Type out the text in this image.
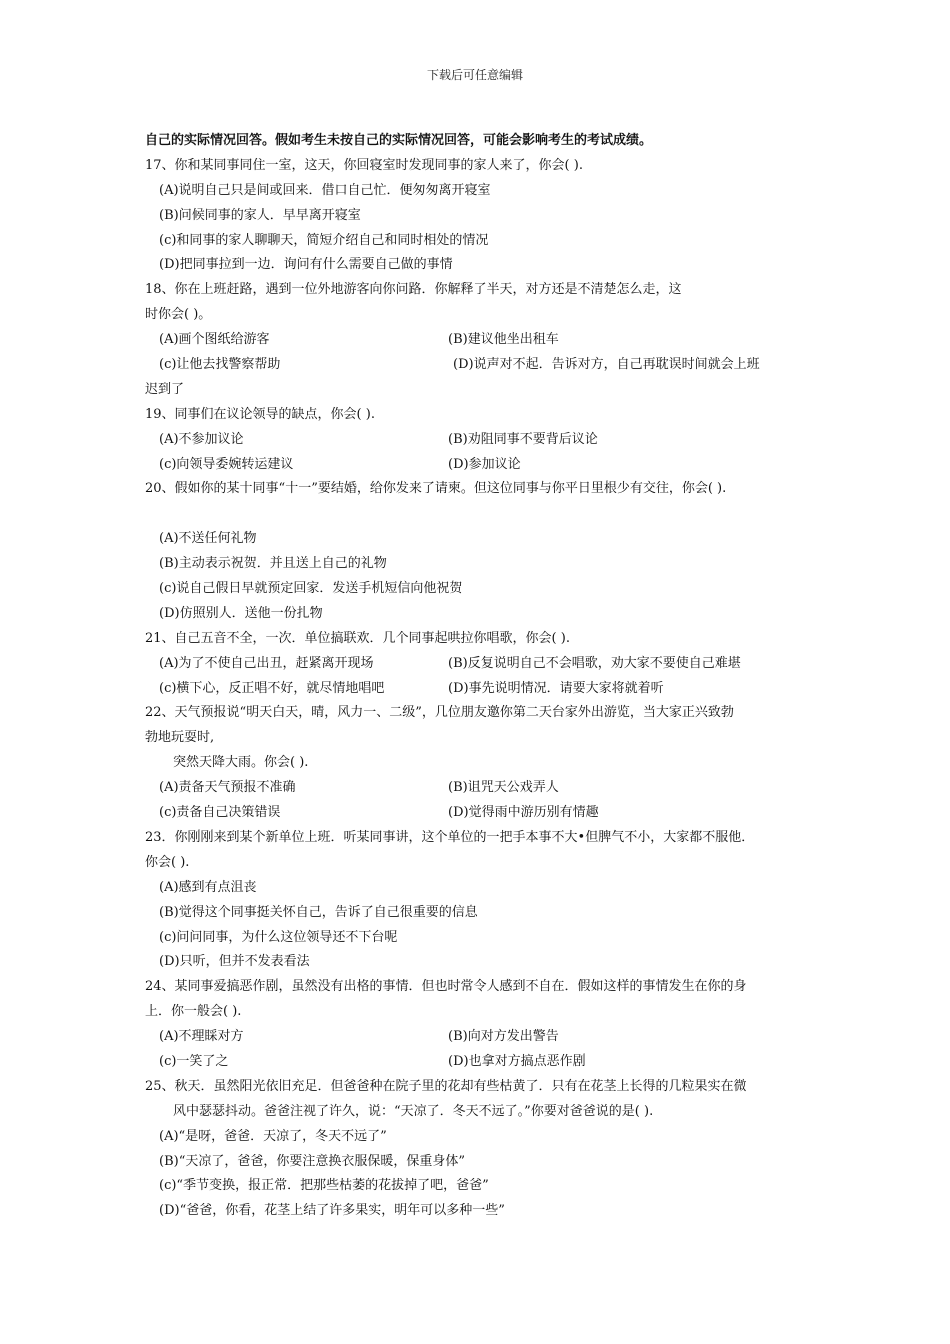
下载后可任意编辑
自己的实际情况回答。假如考生未按自己的实际情况回答，可能会影响考生的考试成绩。
17、你和某同事同住一室，这天，你回寝室时发现同事的家人来了，你会( ).
(A)说明自己只是间或回来．借口自己忙．便匆匆离开寝室
(B)问候同事的家人．早早离开寝室
(c)和同事的家人聊聊天，简短介绍自己和同时相处的情况
(D)把同事拉到一边．询问有什么需要自己做的事情
18、你在上班赶路，遇到一位外地游客向你问路．你解释了半天，对方还是不清楚怎么走，这
时你会( )。
(A)画个图纸给游客	(B)建议他坐出租车
(c)让他去找警察帮助	(D)说声对不起．告诉对方，自己再耽误时间就会上班
迟到了
19、同事们在议论领导的缺点，你会( ).
(A)不参加议论	(B)劝阻同事不要背后议论
(c)向领导委婉转运建议	(D)参加议论
20、假如你的某十同事“十一”要结婚，给你发来了请柬。但这位同事与你平日里根少有交往，你会( ).
(A)不送任何礼物
(B)主动表示祝贺．并且送上自己的礼物
(c)说自己假日早就预定回家．发送手机短信向他祝贺
(D)仿照别人．送他一份扎物
21、自己五音不全，一次．单位搞联欢．几个同事起哄拉你唱歌，你会( ).
(A)为了不使自己出丑，赶紧离开现场	(B)反复说明自己不会唱歌，劝大家不要使自己难堪
(c)横下心，反正唱不好，就尽情地唱吧	(D)事先说明情况．请要大家将就着听
22、天气预报说“明天白天，晴，风力一、二级”，几位朋友邀你第二天台家外出游览，当大家正兴致勃
勃地玩耍时,
突然天降大雨。你会( ).
(A)责备天气预报不准确	(B)诅咒天公戏弄人
(c)责备自己决策错误	(D)觉得雨中游历别有情趣
23．你刚刚来到某个新单位上班．听某同事讲，这个单位的一把手本事不大•但脾气不小，大家都不服他．
你会( ).
(A)感到有点沮丧
(B)觉得这个同事挺关怀自己，告诉了自己很重要的信息
(c)问问同事，为什么这位领导还不下台呢
(D)只听，但并不发表看法
24、某同事爱搞恶作剧，虽然没有出格的事情．但也时常令人感到不自在．假如这样的事情发生在你的身
上．你一般会( ).
(A)不理睬对方	(B)向对方发出警告
(c)一笑了之	(D)也拿对方搞点恶作剧
25、秋天．虽然阳光依旧充足．但爸爸种在院子里的花却有些枯黄了．只有在花茎上长得的几粒果实在微
风中瑟瑟抖动。爸爸注视了许久，说：“天凉了．冬天不远了。”你要对爸爸说的是( ).
(A)“是呀，爸爸．天凉了，冬天不远了”
(B)“天凉了，爸爸，你要注意换衣服保暖，保重身体”
(c)“季节变换，报正常．把那些枯萎的花拔掉了吧，爸爸”
(D)“爸爸，你看，花茎上结了许多果实，明年可以多种一些”
